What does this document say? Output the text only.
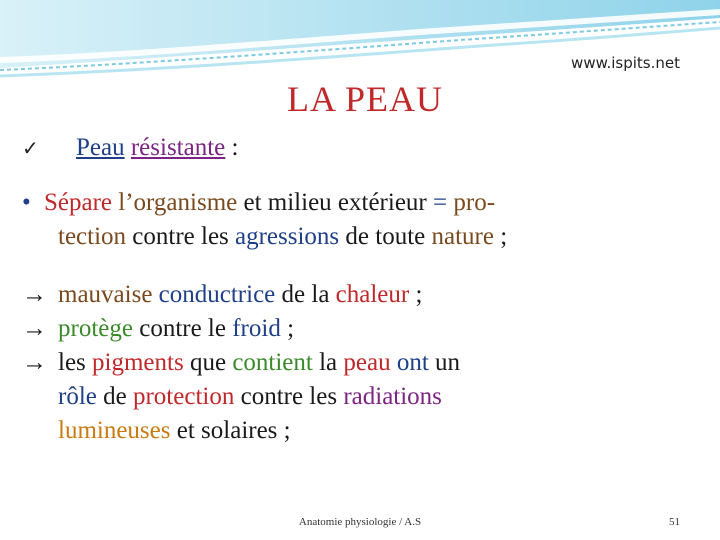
www.ispits.net
LA PEAU
✓ Peau résistante :
• Sépare l’organisme et milieu extérieur = pro-
tection contre les agressions de toute nature ;
→ mauvaise conductrice de la chaleur ;
→ protège contre le froid ;
→ les pigments que contient la peau ont un
rôle de protection contre les radiations
lumineuses et solaires ;
Anatomie physiologie / A.S	51
